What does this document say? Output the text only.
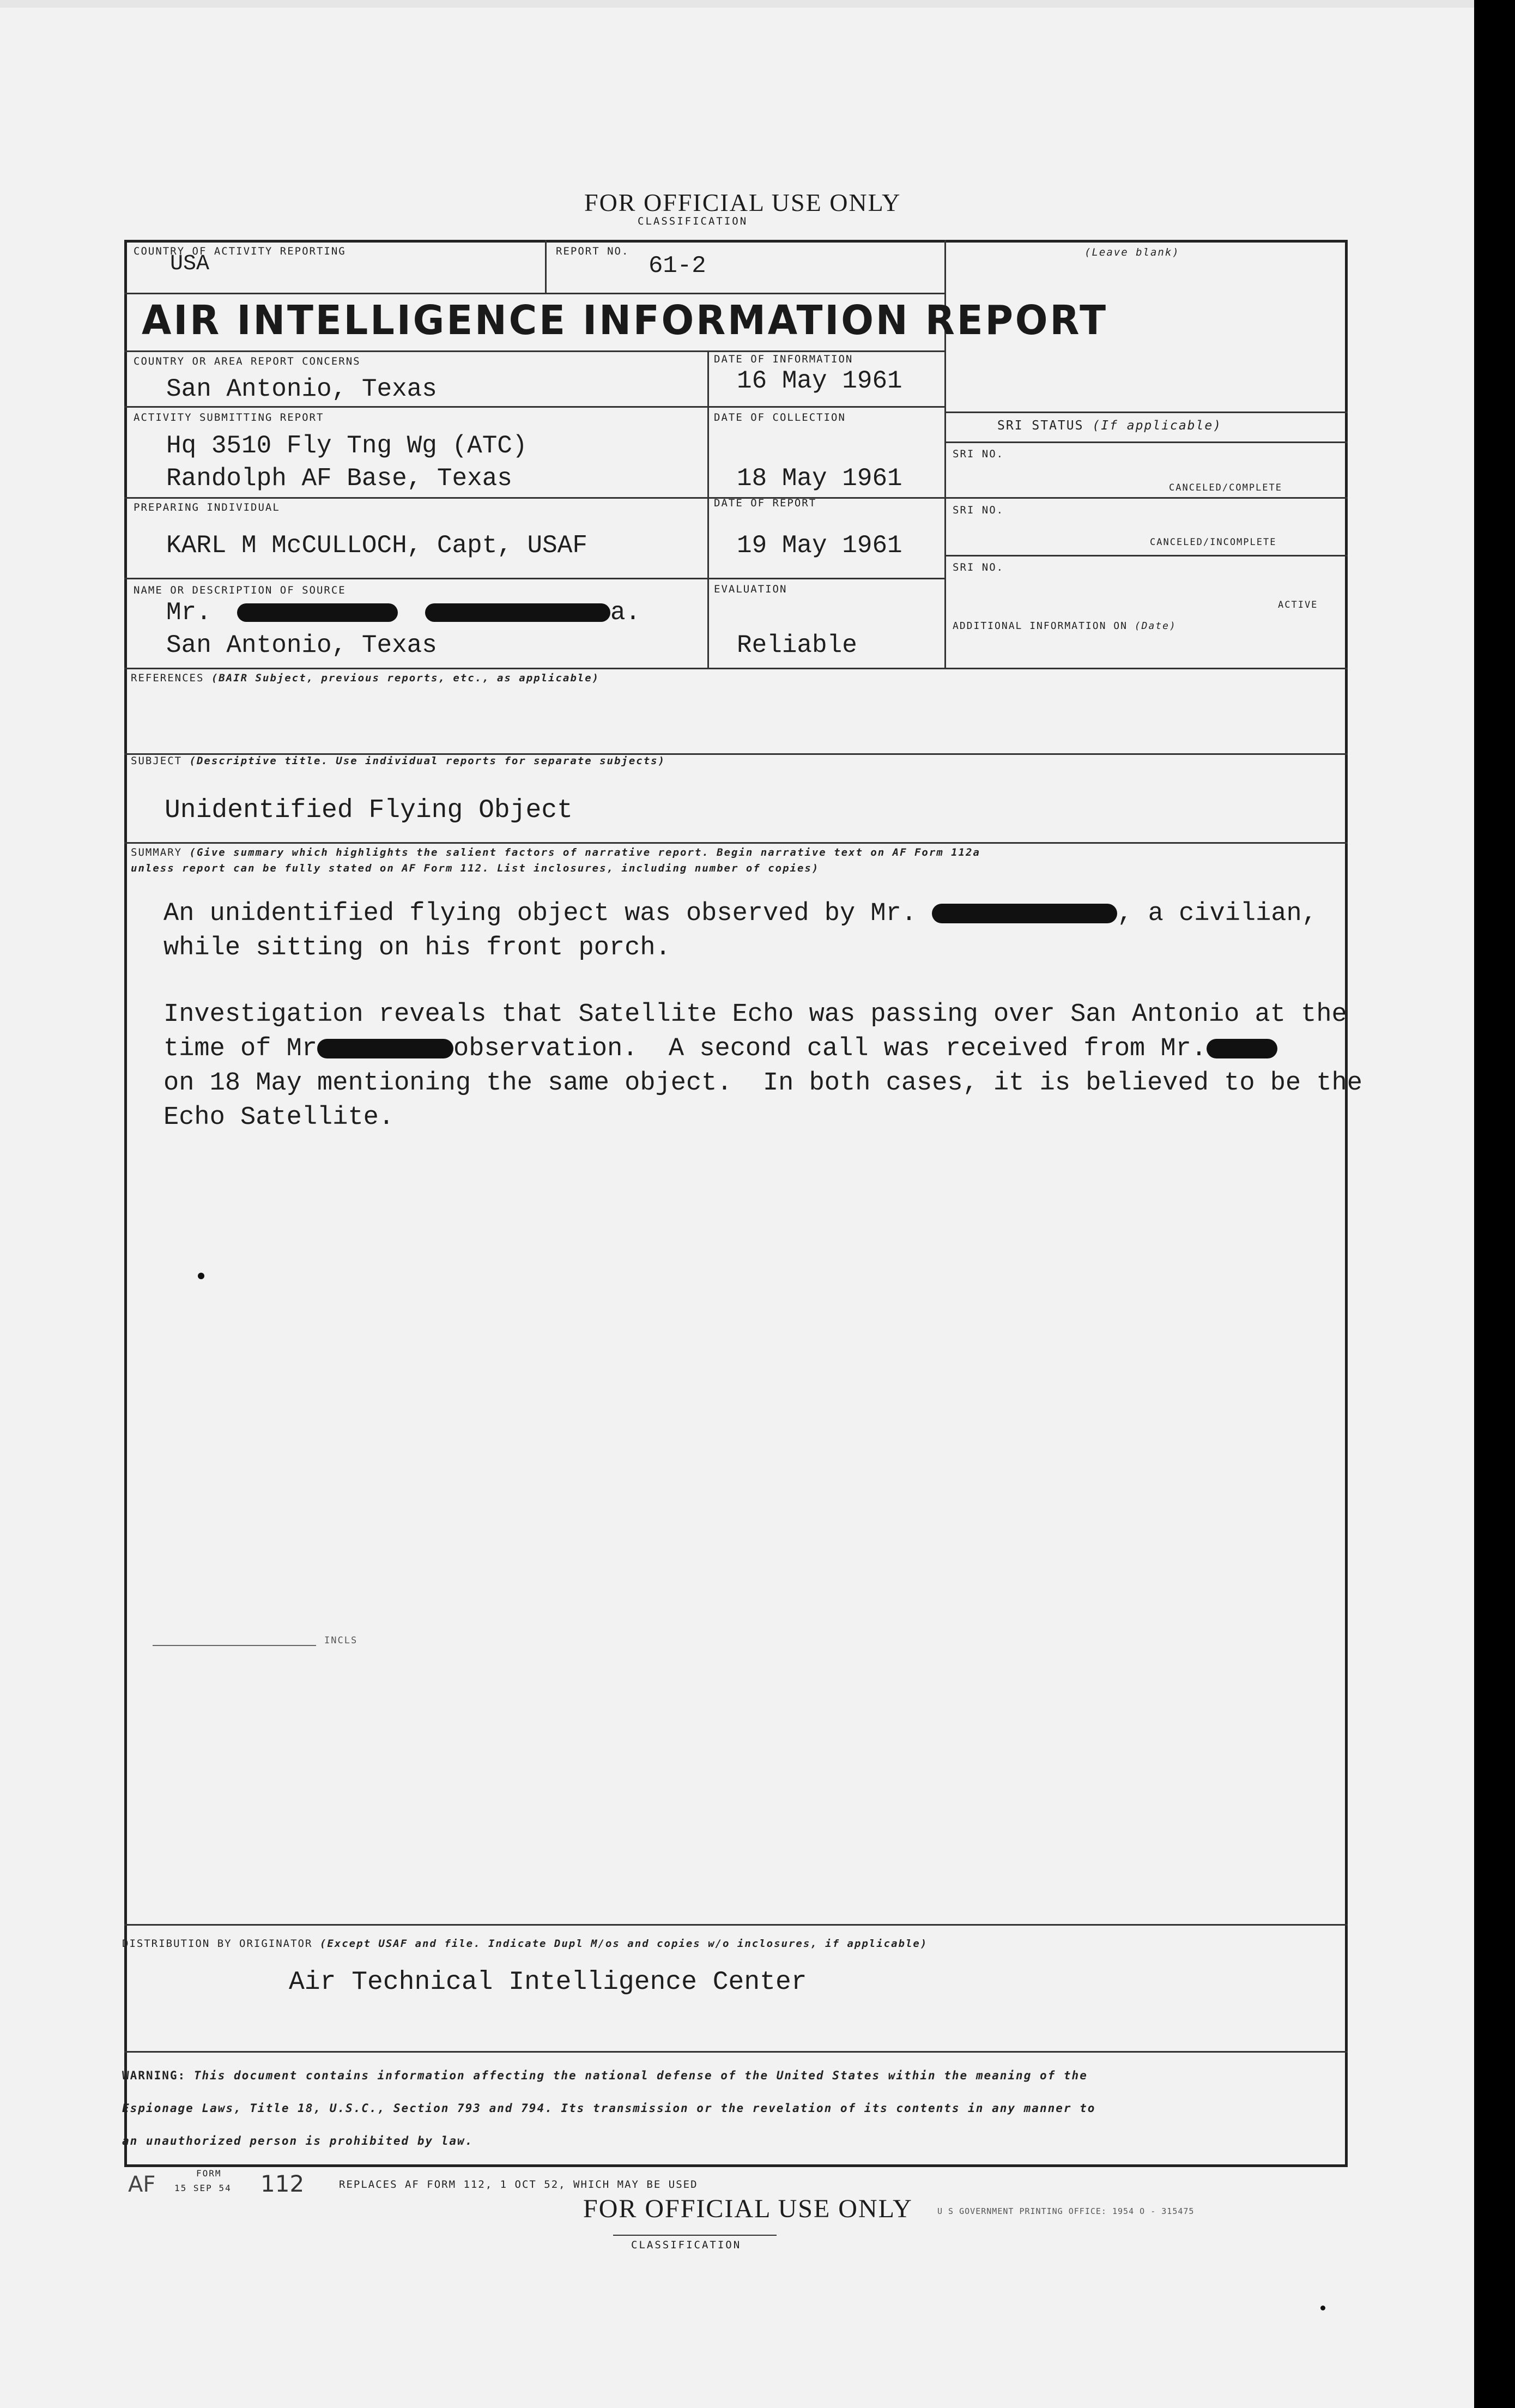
FOR OFFICIAL USE ONLY
CLASSIFICATION
COUNTRY OF ACTIVITY REPORTING
USA
REPORT NO.
61-2	(Leave blank)
AIR INTELLIGENCE INFORMATION REPORT
COUNTRY OR AREA REPORT CONCERNS
San Antonio, Texas
DATE OF INFORMATION
16 May 1961
ACTIVITY SUBMITTING REPORT
Hq 3510 Fly Tng Wg (ATC)
Randolph AF Base, Texas
DATE OF COLLECTION
18 May 1961
PREPARING INDIVIDUAL
KARL M McCULLOCH, Capt, USAF
DATE OF REPORT
19 May 1961
NAME OR DESCRIPTION OF SOURCE
Mr.	a.
San Antonio, Texas
EVALUATION
Reliable
SRI STATUS (If applicable)
SRI NO.
CANCELED/COMPLETE
SRI NO.
CANCELED/INCOMPLETE
SRI NO.
ACTIVE
ADDITIONAL INFORMATION ON (Date)
REFERENCES (BAIR Subject, previous reports, etc., as applicable)
SUBJECT (Descriptive title. Use individual reports for separate subjects)
Unidentified Flying Object
SUMMARY (Give summary which highlights the salient factors of narrative report. Begin narrative text on AF Form 112a
unless report can be fully stated on AF Form 112. List inclosures, including number of copies)
An unidentified flying object was observed by Mr.	, a civilian,
while sitting on his front porch.
Investigation reveals that Satellite Echo was passing over San Antonio at the
time of Mr	observation.  A second call was received from Mr.
on 18 May mentioning the same object.  In both cases, it is believed to be the
Echo Satellite.
INCLS
DISTRIBUTION BY ORIGINATOR (Except USAF and file. Indicate Dupl M/os and copies w/o inclosures, if applicable)
Air Technical Intelligence Center
WARNING: This document contains information affecting the national defense of the United States within the meaning of the
Espionage Laws, Title 18, U.S.C., Section 793 and 794. Its transmission or the revelation of its contents in any manner to
an unauthorized person is prohibited by law.
AF	FORM
15 SEP 54 112	REPLACES AF FORM 112, 1 OCT 52, WHICH MAY BE USED
FOR OFFICIAL USE ONLY	U S GOVERNMENT PRINTING OFFICE: 1954 O - 315475
CLASSIFICATION
